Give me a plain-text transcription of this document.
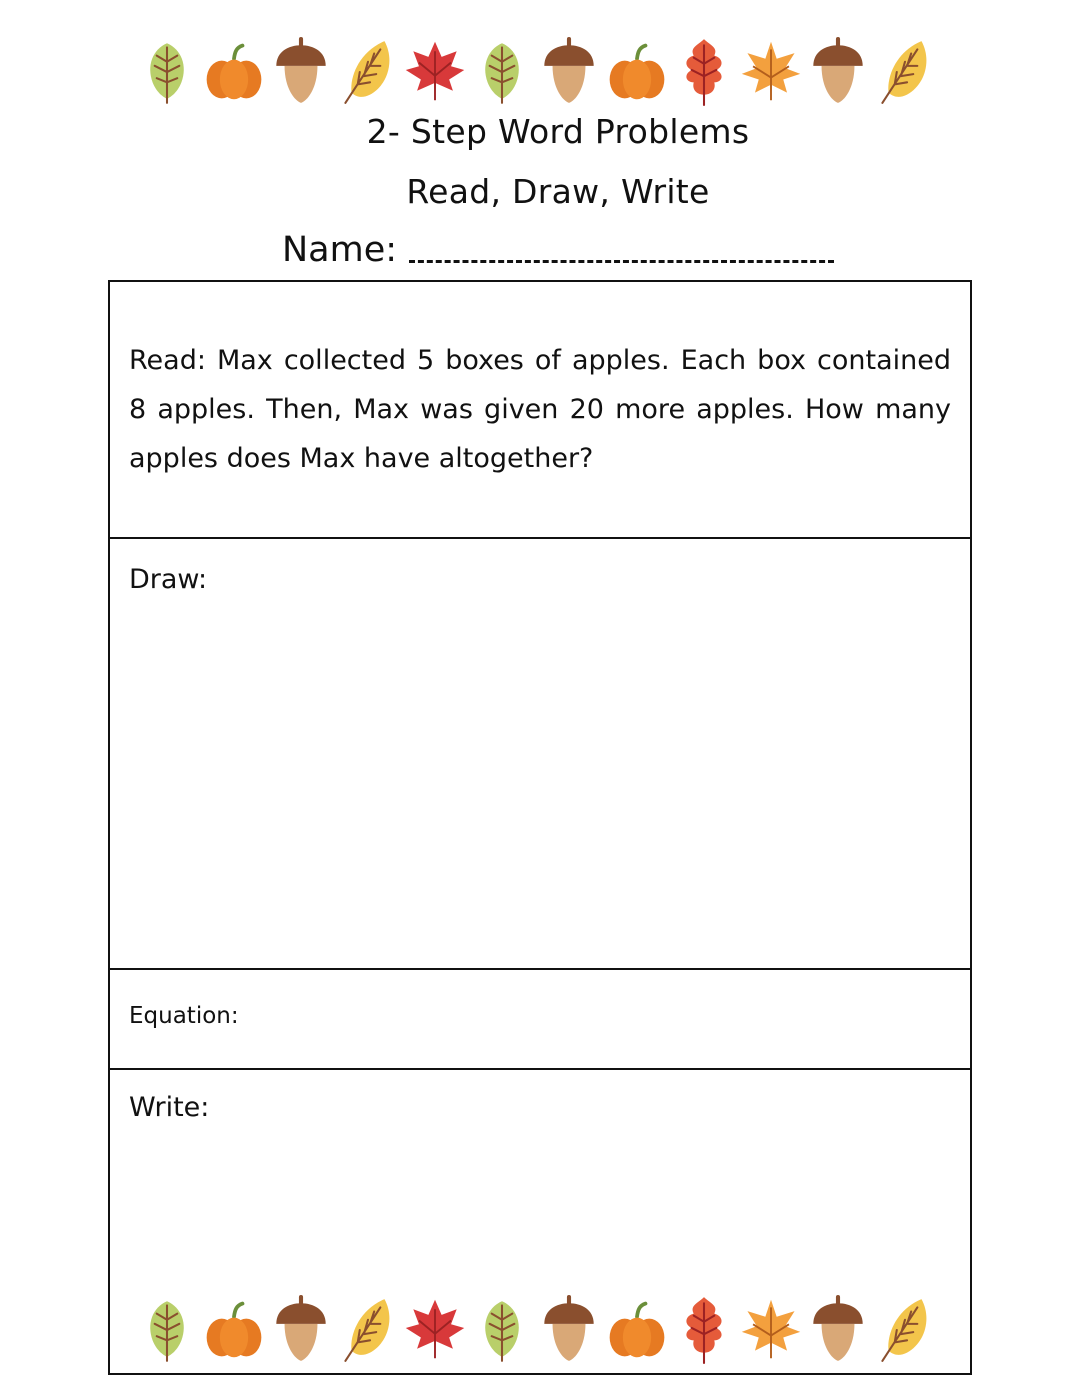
2- Step Word Problems
Read, Draw, Write
Name:

Read: Max collected 5 boxes of apples. Each box contained 8 apples. Then, Max was given 20 more apples. How many apples does Max have altogether?

Draw:
Equation:
Write:
